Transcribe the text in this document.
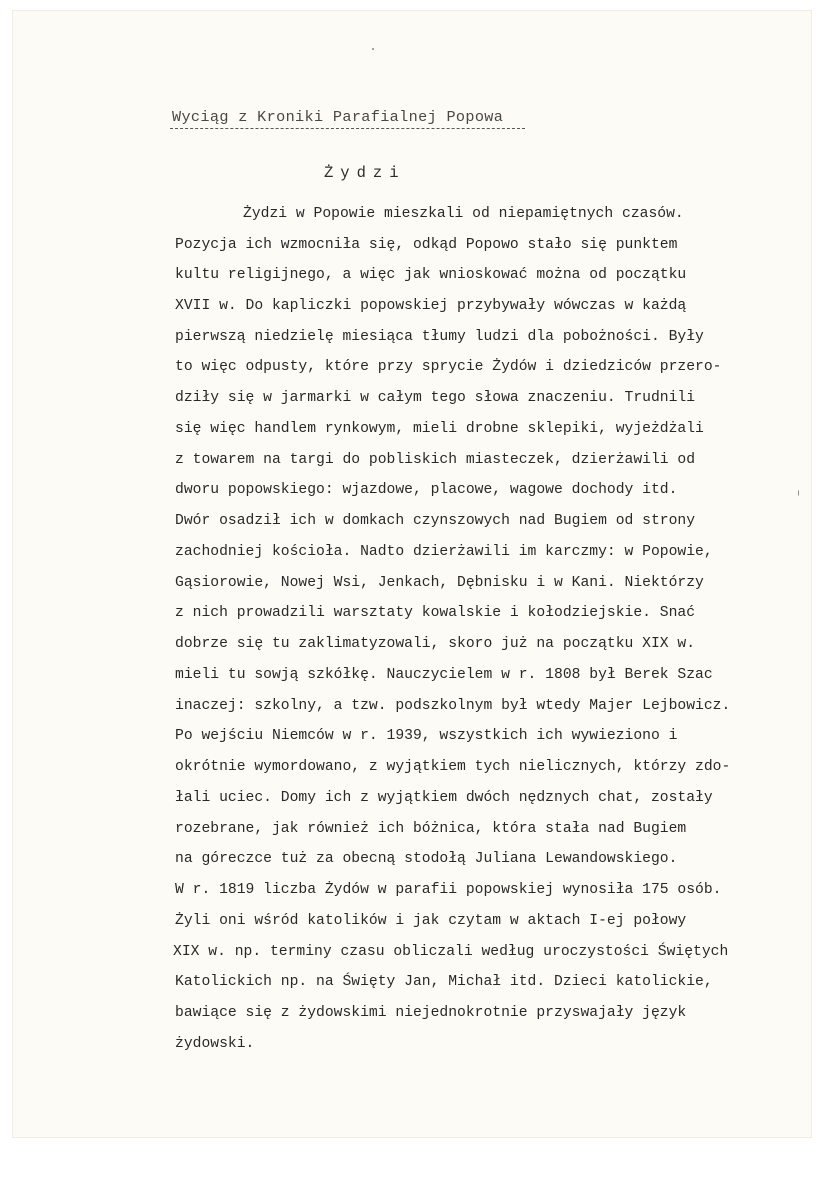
Wyciąg z Kroniki Parafialnej Popowa
Żydzi
Żydzi w Popowie mieszkali od niepamiętnych czasów.
Pozycja ich wzmocniła się, odkąd Popowo stało się punktem
kultu religijnego, a więc jak wnioskować można od początku
XVII w. Do kapliczki popowskiej przybywały wówczas w każdą
pierwszą niedzielę miesiąca tłumy ludzi dla pobożności. Były
to więc odpusty, które przy sprycie Żydów i dziedziców przero-
dziły się w jarmarki w całym tego słowa znaczeniu. Trudnili
się więc handlem rynkowym, mieli drobne sklepiki, wyjeżdżali
z towarem na targi do pobliskich miasteczek, dzierżawili od
dworu popowskiego: wjazdowe, placowe, wagowe dochody itd.
Dwór osadził ich w domkach czynszowych nad Bugiem od strony
zachodniej kościoła. Nadto dzierżawili im karczmy: w Popowie,
Gąsiorowie, Nowej Wsi, Jenkach, Dębnisku i w Kani. Niektórzy
z nich prowadzili warsztaty kowalskie i kołodziejskie. Snać
dobrze się tu zaklimatyzowali, skoro już na początku XIX w.
mieli tu sowją szkółkę. Nauczycielem w r. 1808 był Berek Szac
inaczej: szkolny, a tzw. podszkolnym był wtedy Majer Lejbowicz.
Po wejściu Niemców w r. 1939, wszystkich ich wywieziono i
okrótnie wymordowano, z wyjątkiem tych nielicznych, którzy zdo-
łali uciec. Domy ich z wyjątkiem dwóch nędznych chat, zostały
rozebrane, jak również ich bóżnica, która stała nad Bugiem
na góreczce tuż za obecną stodołą Juliana Lewandowskiego.
W r. 1819 liczba Żydów w parafii popowskiej wynosiła 175 osób.
Żyli oni wśród katolików i jak czytam w aktach I-ej połowy
XIX w. np. terminy czasu obliczali według uroczystości Świętych
Katolickich np. na Święty Jan, Michał itd. Dzieci katolickie,
bawiące się z żydowskimi niejednokrotnie przyswajały język
żydowski.
